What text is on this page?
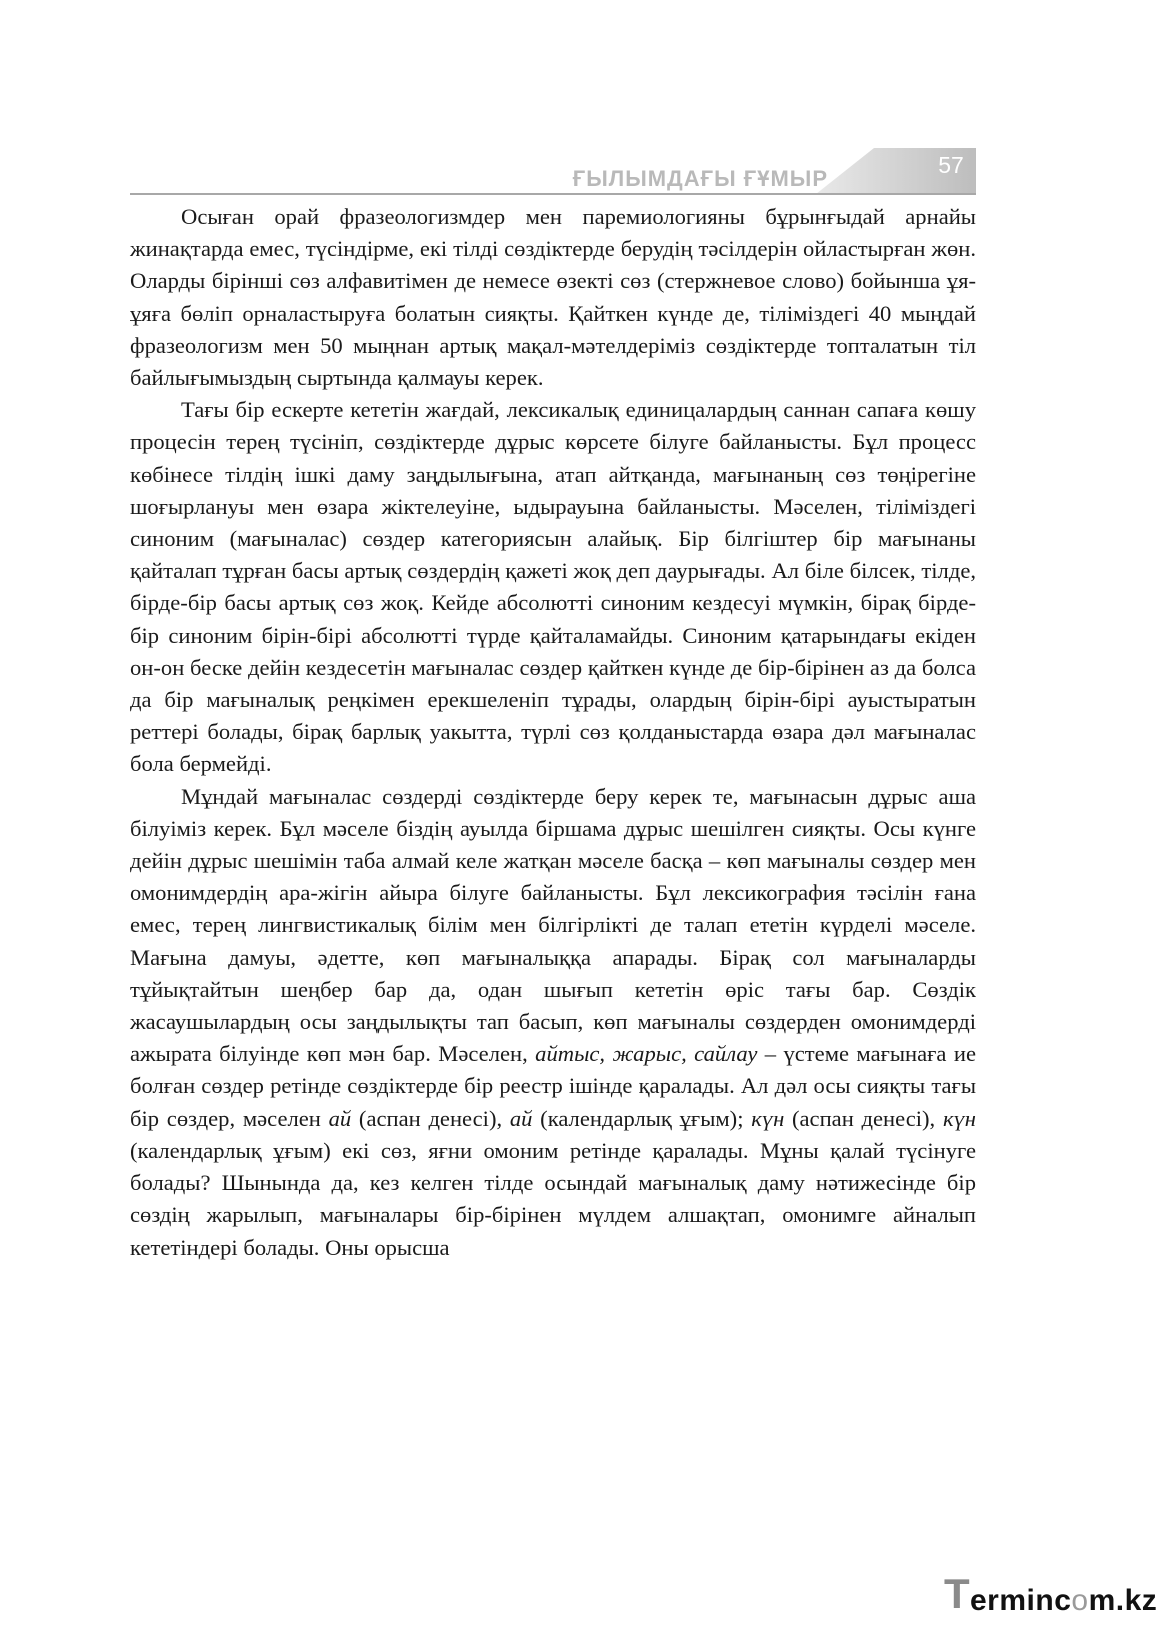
ҒЫЛЫМДАҒЫ ҒҰМЫР
57

Осыған орай фразеологизмдер мен паремиологияны бұрынғыдай арнайы жинақтарда емес, түсіндірме, екі тілді сөздіктерде берудің тәсілдерін ойластырған жөн. Оларды бірінші сөз алфавитімен де немесе өзекті сөз (стержневое слово) бойынша ұя-ұяға бөліп орналастыруға болатын сияқты. Қайткен күнде де, тіліміздегі 40 мыңдай фразеологизм мен 50 мыңнан артық мақал-мәтелдеріміз сөздіктерде топталатын тіл байлығымыздың сыртында қалмауы керек.

Тағы бір ескерте кететін жағдай, лексикалық единицалардың саннан сапаға көшу процесін терең түсініп, сөздіктерде дұрыс көрсете білуге байланысты. Бұл процесс көбінесе тілдің ішкі даму заңдылығына, атап айтқанда, мағынаның сөз төңірегіне шоғырлануы мен өзара жіктелеуіне, ыдырауына байланысты. Мәселен, тіліміздегі синоним (мағыналас) сөздер категориясын алайық. Бір білгіштер бір мағынаны қайталап тұрған басы артық сөздердің қажеті жоқ деп даурығады. Ал біле білсек, тілде, бірде-бір басы артық сөз жоқ. Кейде абсолютті синоним кездесуі мүмкін, бірақ бірде-бір синоним бірін-бірі абсолютті түрде қайталамайды. Синоним қатарындағы екіден он-он беске дейін кездесетін мағыналас сөздер қайткен күнде де бір-бірінен аз да болса да бір мағыналық реңкімен ерекшеленіп тұрады, олардың бірін-бірі ауыстыратын реттері болады, бірақ барлық уакытта, түрлі сөз қолданыстарда өзара дәл мағыналас бола бермейді.

Мұндай мағыналас сөздерді сөздіктерде беру керек те, мағынасын дұрыс аша білуіміз керек. Бұл мәселе біздің ауылда біршама дұрыс шешілген сияқты. Осы күнге дейін дұрыс шешімін таба алмай келе жатқан мәселе басқа – көп мағыналы сөздер мен омонимдердің ара-жігін айыра білуге байланысты. Бұл лексикография тәсілін ғана емес, терең лингвистикалық білім мен білгірлікті де талап ететін күрделі мәселе. Мағына дамуы, әдетте, көп мағыналыққа апарады. Бірақ сол мағыналарды тұйықтайтын шеңбер бар да, одан шығып кететін өріс тағы бар. Сөздік жасаушылардың осы заңдылықты тап басып, көп мағыналы сөздерден омонимдерді ажырата білуінде көп мән бар. Мәселен, айтыс, жарыс, сайлау – үстеме мағынаға ие болған сөздер ретінде сөздіктерде бір реестр ішінде қаралады. Ал дәл осы сияқты тағы бір сөздер, мәселен ай (аспан денесі), ай (календарлық ұғым); күн (аспан денесі), күн (календарлық ұғым) екі сөз, яғни омоним ретінде қаралады. Мұны қалай түсінуге болады? Шынында да, кез келген тілде осындай мағыналық даму нәтижесінде бір сөздің жарылып, мағыналары бір-бірінен мүлдем алшақтап, омонимге айналып кететіндері болады. Оны орысша

T ermincom.kz
